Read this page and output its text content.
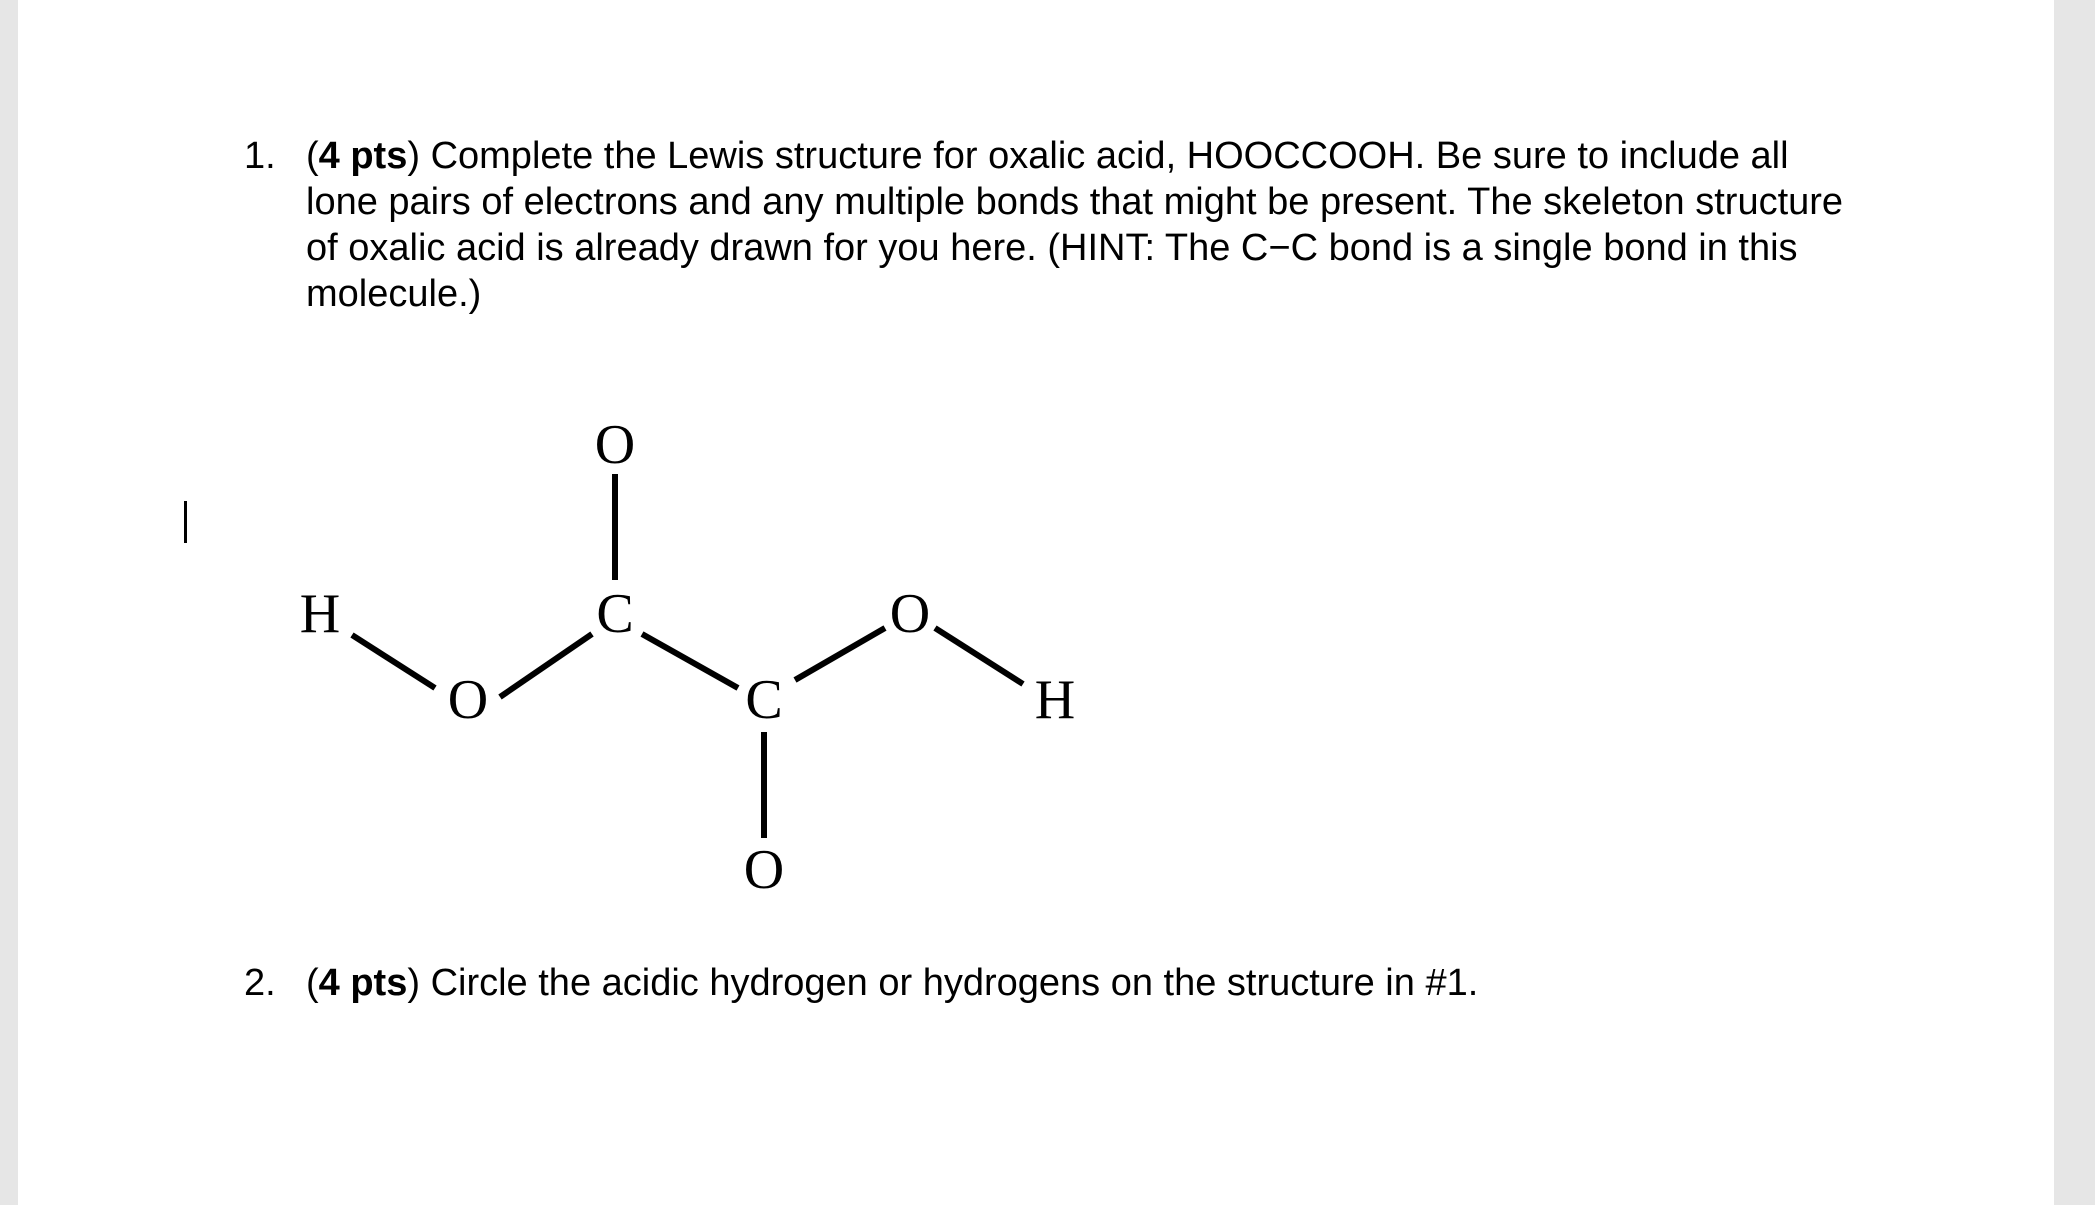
1. (4 pts) Complete the Lewis structure for oxalic acid, HOOCCOOH. Be sure to include all
lone pairs of electrons and any multiple bonds that might be present. The skeleton structure
of oxalic acid is already drawn for you here. (HINT: The C−C bond is a single bond in this
molecule.)
O
C
H
O	C
O
H
O
2. (4 pts) Circle the acidic hydrogen or hydrogens on the structure in #1.
